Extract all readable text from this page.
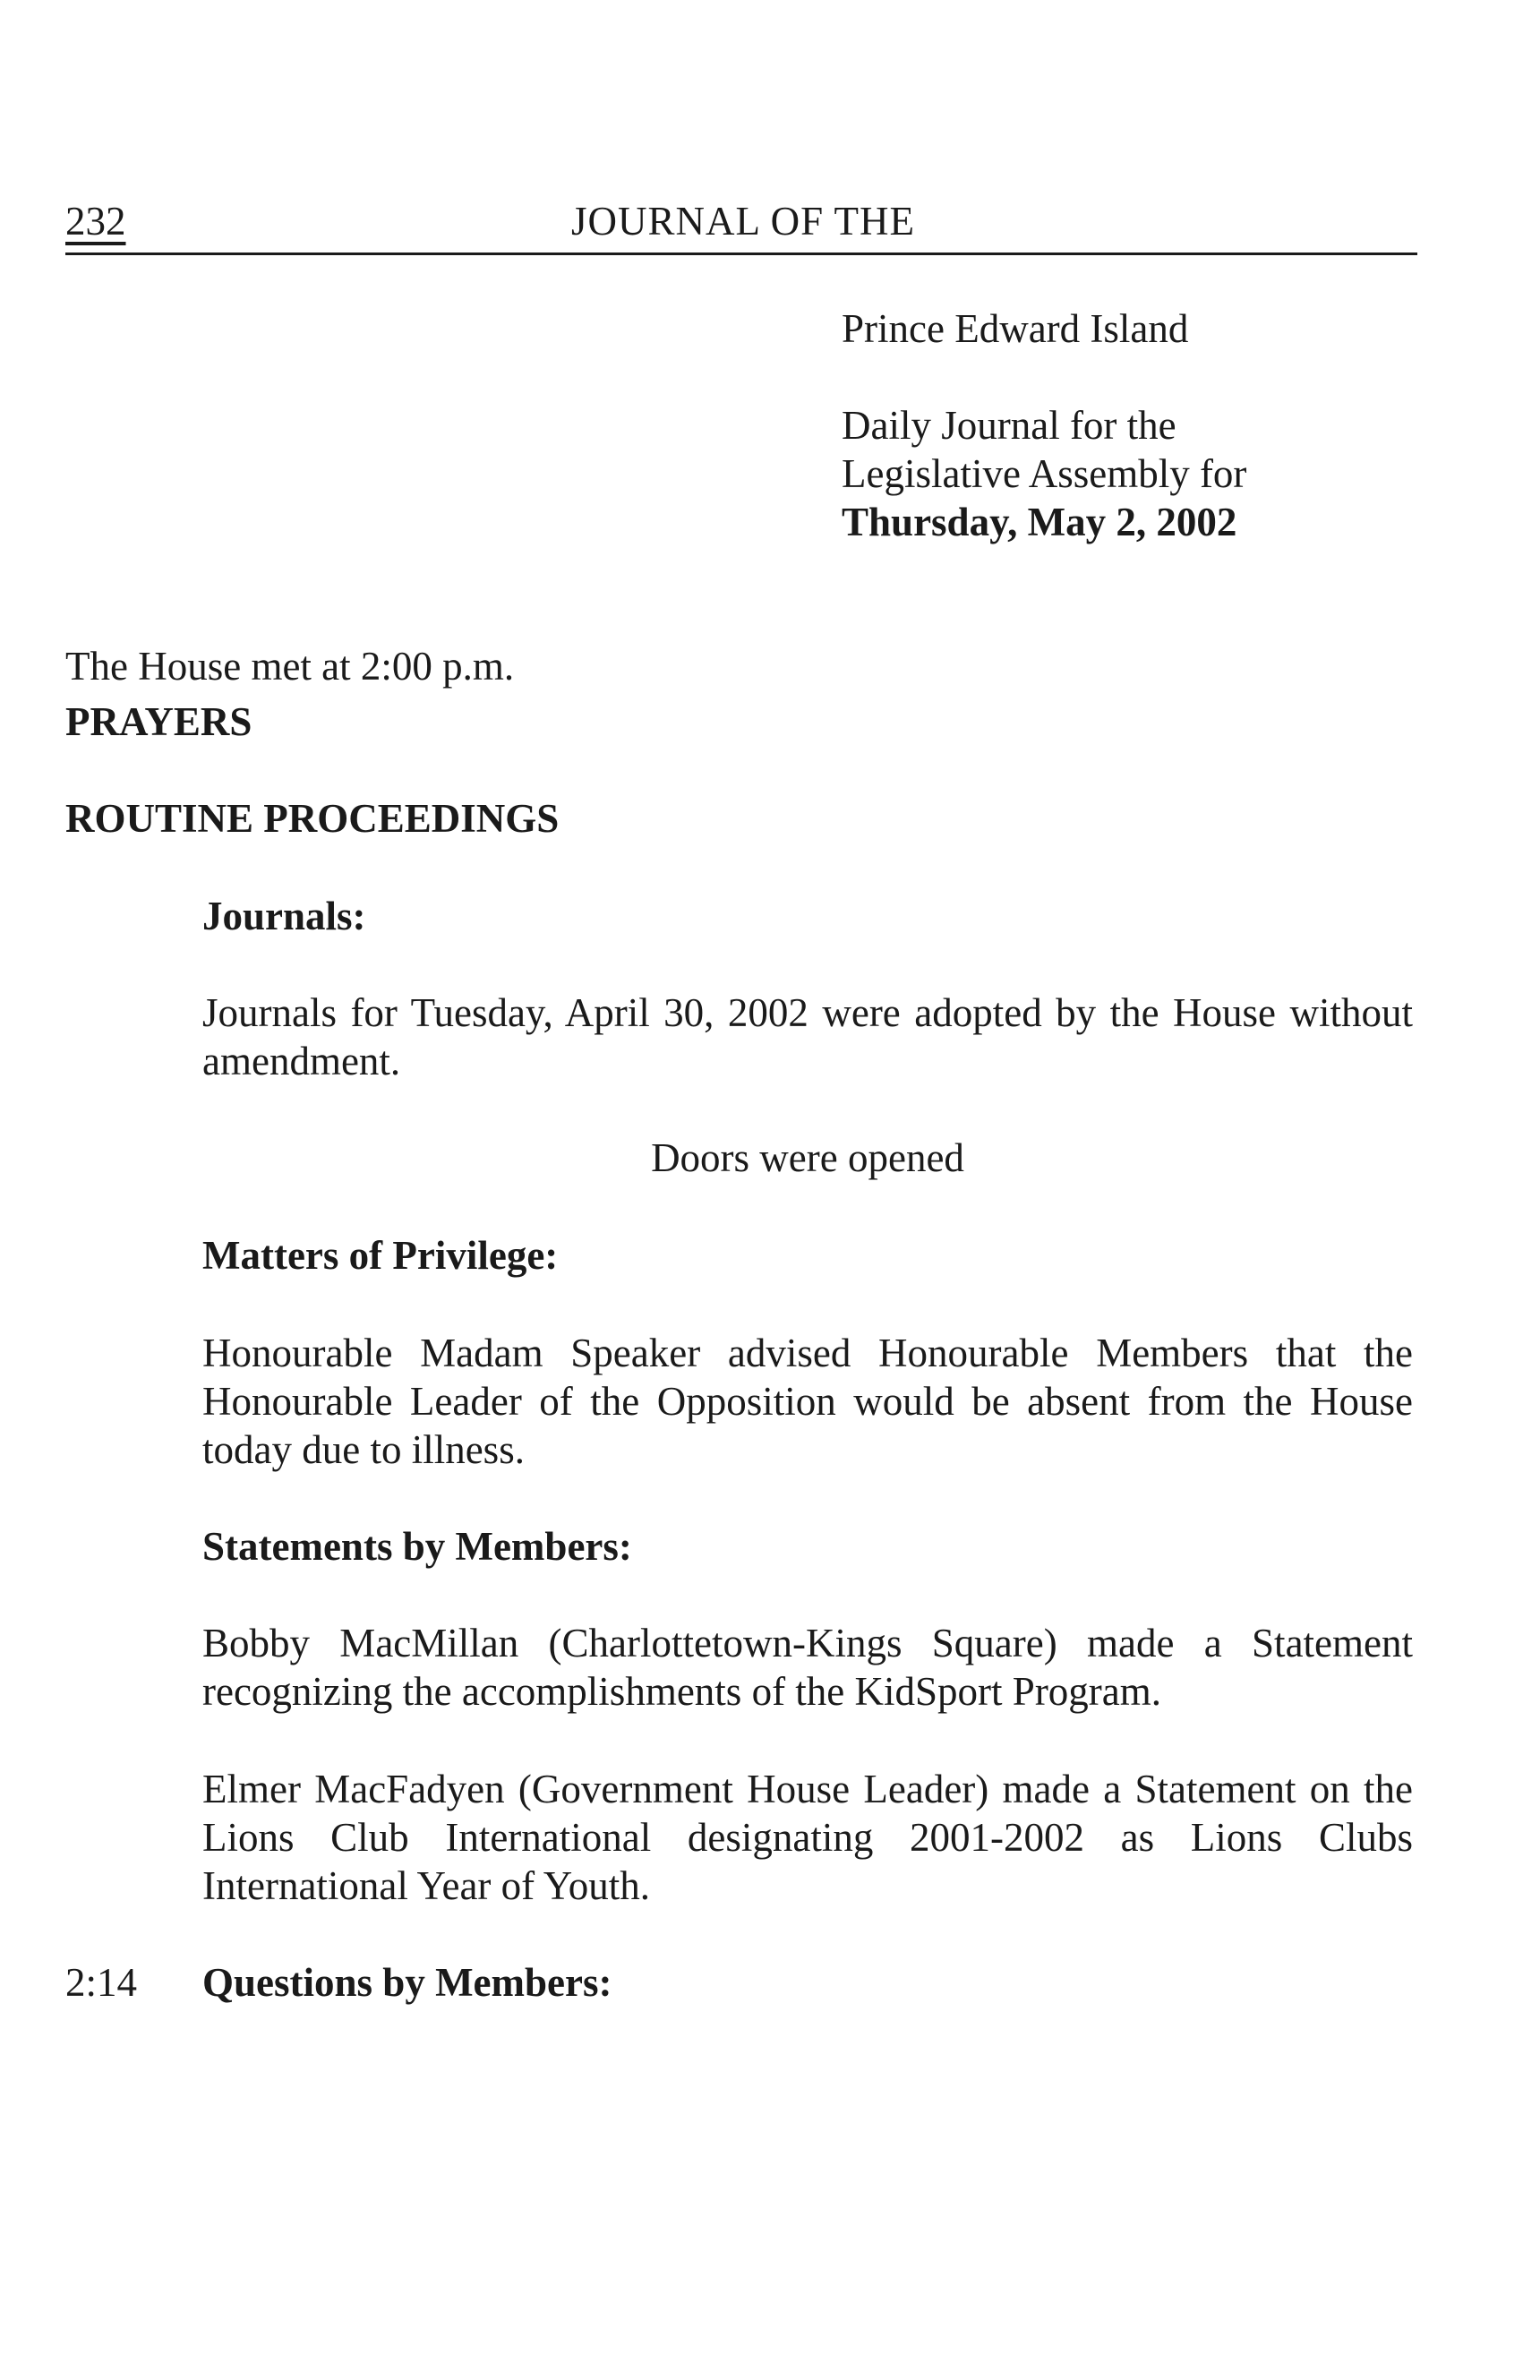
232	JOURNAL OF THE
Prince Edward Island
Daily Journal for the
Legislative Assembly for
Thursday, May 2, 2002
The House met at 2:00 p.m.
PRAYERS
ROUTINE PROCEEDINGS
Journals:
Journals for Tuesday, April 30, 2002 were adopted by the House without amendment.
Doors were opened
Matters of Privilege:
Honourable Madam Speaker advised Honourable Members that the Honourable Leader of the Opposition would be absent from the House today due to illness.
Statements by Members:
Bobby MacMillan (Charlottetown-Kings Square) made a Statement recognizing the accomplishments of the KidSport Program.
Elmer MacFadyen (Government House Leader) made a Statement on the Lions Club International designating 2001-2002 as Lions Clubs International Year of Youth.
2:14 Questions by Members:
